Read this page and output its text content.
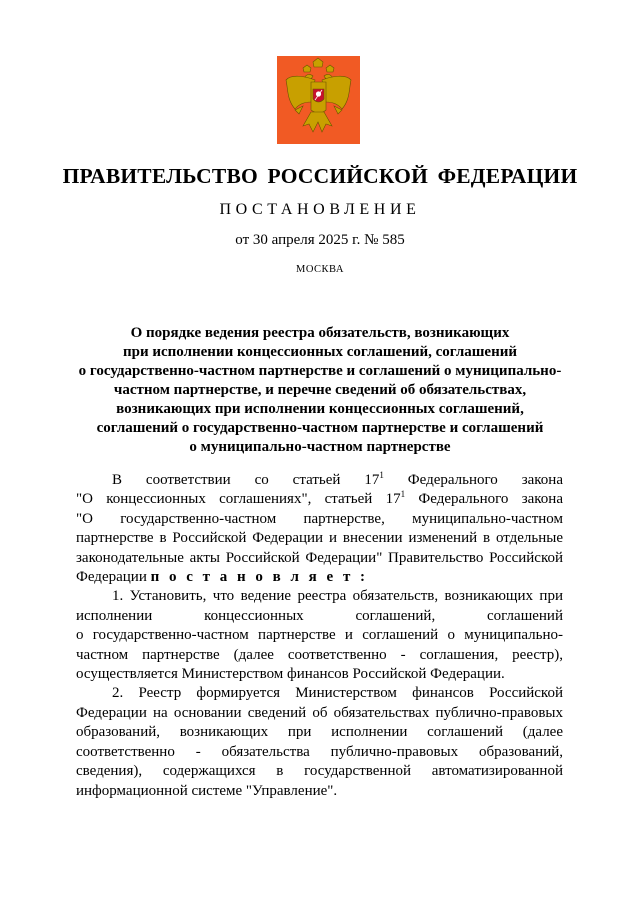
ПРАВИТЕЛЬСТВО РОССИЙСКОЙ ФЕДЕРАЦИИ
ПОСТАНОВЛЕНИЕ
от 30 апреля 2025 г. № 585
МОСКВА
О порядке ведения реестра обязательств, возникающих
при исполнении концессионных соглашений, соглашений
о государственно-частном партнерстве и соглашений о муниципально-
частном партнерстве, и перечне сведений об обязательствах,
возникающих при исполнении концессионных соглашений,
соглашений о государственно-частном партнерстве и соглашений
о муниципально-частном партнерстве

В соответствии со статьей $17^1$ Федерального закона

"О концессионных соглашениях", статьей $17^1$ Федерального закона

"О государственно-частном партнерстве, муниципально-частном

партнерстве в Российской Федерации и внесении изменений в отдельные

законодательные акты Российской Федерации" Правительство Российской

Федерации п о с т а н о в л я е т :

1. Установить, что ведение реестра обязательств, возникающих при

исполнении концессионных соглашений, соглашений

о государственно-частном партнерстве и соглашений о муниципально-

частном партнерстве (далее соответственно - соглашения, реестр),

осуществляется Министерством финансов Российской Федерации.

2. Реестр формируется Министерством финансов Российской

Федерации на основании сведений об обязательствах публично-правовых

образований, возникающих при исполнении соглашений (далее

соответственно - обязательства публично-правовых образований,

сведения), содержащихся в государственной автоматизированной

информационной системе "Управление".
